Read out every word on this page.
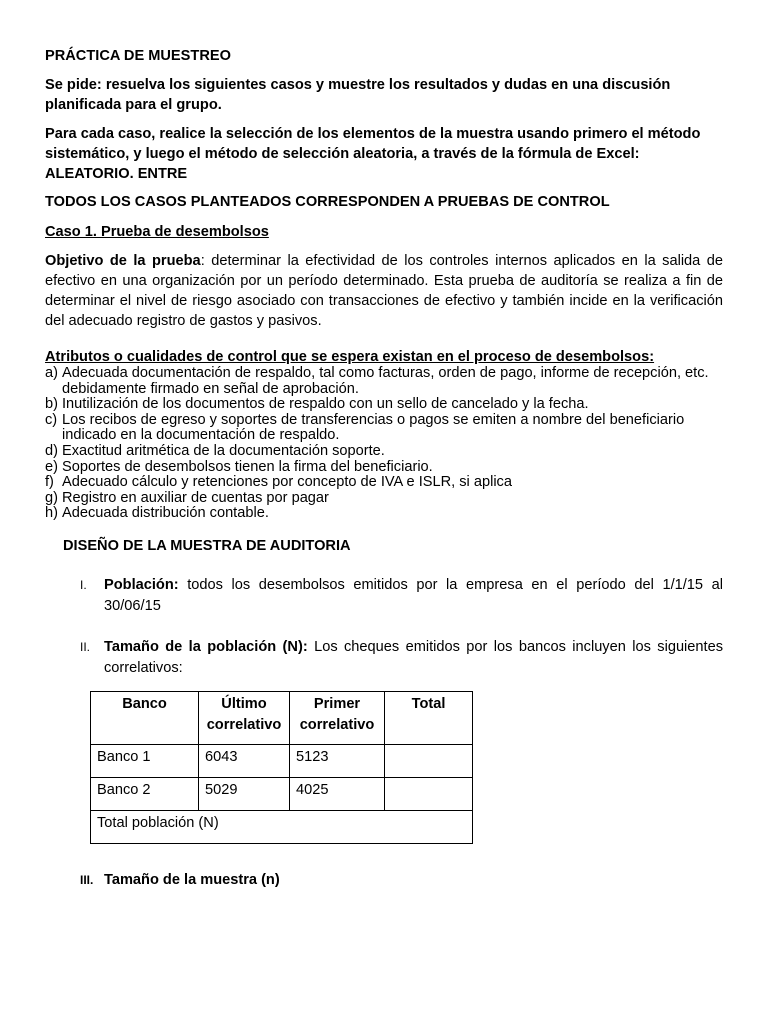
PRÁCTICA DE MUESTREO

Se pide: resuelva los siguientes casos y muestre los resultados y dudas en una discusión planificada para el grupo.

Para cada caso, realice la selección de los elementos de la muestra usando primero el método sistemático, y luego el método de selección aleatoria, a través de la fórmula de Excel: ALEATORIO. ENTRE

TODOS LOS CASOS PLANTEADOS CORRESPONDEN A PRUEBAS DE CONTROL

Caso 1. Prueba de desembolsos

Objetivo de la prueba: determinar la efectividad de los controles internos aplicados en la salida de efectivo en una organización por un período determinado. Esta prueba de auditoría se realiza a fin de determinar el nivel de riesgo asociado con transacciones de efectivo y también incide en la verificación del adecuado registro de gastos y pasivos.

Atributos o cualidades de control que se espera existan en el proceso de desembolsos:

a) Adecuada documentación de respaldo, tal como facturas, orden de pago, informe de recepción, etc. debidamente firmado en señal de aprobación.
b) Inutilización de los documentos de respaldo con un sello de cancelado y la fecha.
c) Los recibos de egreso y soportes de transferencias o pagos se emiten a nombre del beneficiario indicado en la documentación de respaldo.
d) Exactitud aritmética de la documentación soporte.
e) Soportes de desembolsos tienen la firma del beneficiario.
f) Adecuado cálculo y retenciones por concepto de IVA e ISLR, si aplica
g) Registro en auxiliar de cuentas por pagar
h) Adecuada distribución contable.

DISEÑO DE LA MUESTRA DE AUDITORIA

I.	Población: todos los desembolsos emitidos por la empresa en el período del 1/1/15 al 30/06/15
II. Tamaño de la población (N): Los cheques emitidos por los bancos incluyen los siguientes correlativos:
Banco	Último correlativo	Primer correlativo	Total
Banco 1	6043	5123	
Banco 2	5029	4025	
Total población (N)			
III. Tamaño de la muestra (n)
